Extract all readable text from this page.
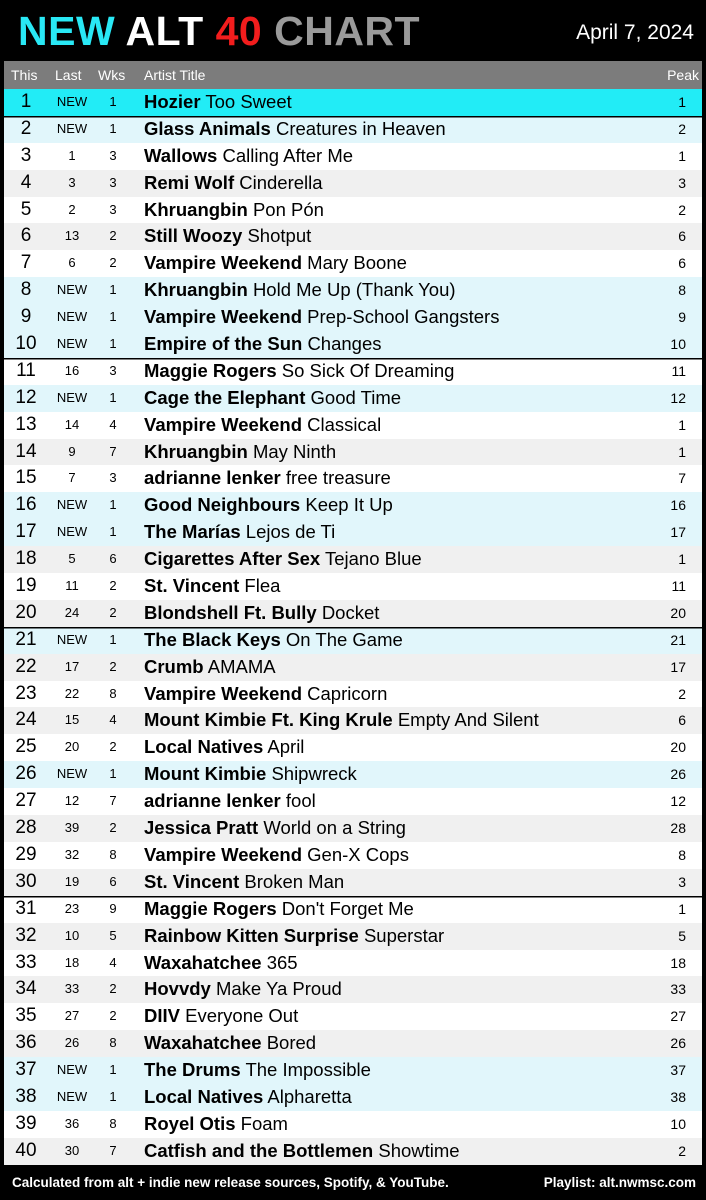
NEW ALT 40 CHART	April 7, 2024
This Last Wks Artist Title	Peak
1	NEW	1	Hozier Too Sweet	1
2	NEW	1	Glass Animals Creatures in Heaven	2
3	1	3	Wallows Calling After Me	1
4	3	3	Remi Wolf Cinderella	3
5	2	3	Khruangbin Pon Pón	2
6	13	2	Still Woozy Shotput	6
7	6	2	Vampire Weekend Mary Boone	6
8	NEW	1	Khruangbin Hold Me Up (Thank You)	8
9	NEW	1	Vampire Weekend Prep-School Gangsters	9
10	NEW	1	Empire of the Sun Changes	10
11	16	3	Maggie Rogers So Sick Of Dreaming	11
12	NEW	1	Cage the Elephant Good Time	12
13	14	4	Vampire Weekend Classical	1
14	9	7	Khruangbin May Ninth	1
15	7	3	adrianne lenker free treasure	7
16	NEW	1	Good Neighbours Keep It Up	16
17	NEW	1	The Marías Lejos de Ti	17
18	5	6	Cigarettes After Sex Tejano Blue	1
19	11	2	St. Vincent Flea	11
20	24	2	Blondshell Ft. Bully Docket	20
21	NEW	1	The Black Keys On The Game	21
22	17	2	Crumb AMAMA	17
23	22	8	Vampire Weekend Capricorn	2
24	15	4	Mount Kimbie Ft. King Krule Empty And Silent	6
25	20	2	Local Natives April	20
26	NEW	1	Mount Kimbie Shipwreck	26
27	12	7	adrianne lenker fool	12
28	39	2	Jessica Pratt World on a String	28
29	32	8	Vampire Weekend Gen-X Cops	8
30	19	6	St. Vincent Broken Man	3
31	23	9	Maggie Rogers Don't Forget Me	1
32	10	5	Rainbow Kitten Surprise Superstar	5
33	18	4	Waxahatchee 365	18
34	33	2	Hovvdy Make Ya Proud	33
35	27	2	DIIV Everyone Out	27
36	26	8	Waxahatchee Bored	26
37	NEW	1	The Drums The Impossible	37
38	NEW	1	Local Natives Alpharetta	38
39	36	8	Royel Otis Foam	10
40	30	7	Catfish and the Bottlemen Showtime	2
Calculated from alt + indie new release sources, Spotify, & YouTube.	Playlist: alt.nwmsc.com
